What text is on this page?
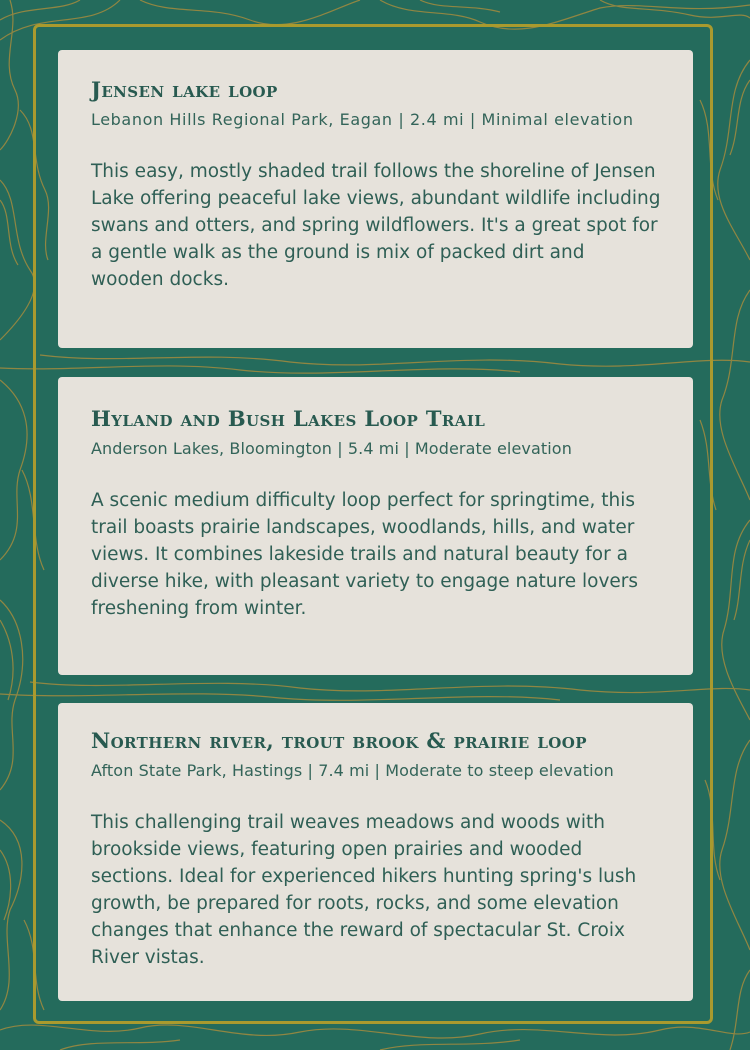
Jensen lake loop

Lebanon Hills Regional Park, Eagan | 2.4 mi | Minimal elevation

This easy, mostly shaded trail follows the shoreline of Jensen Lake offering peaceful lake views, abundant wildlife including swans and otters, and spring wildflowers. It's a great spot for a gentle walk as the ground is mix of packed dirt and wooden docks.

Hyland and Bush Lakes Loop Trail

Anderson Lakes, Bloomington | 5.4 mi | Moderate elevation

A scenic medium difficulty loop perfect for springtime, this trail boasts prairie landscapes, woodlands, hills, and water views. It combines lakeside trails and natural beauty for a diverse hike, with pleasant variety to engage nature lovers freshening from winter.

Northern river, trout brook & prairie loop

Afton State Park, Hastings | 7.4 mi | Moderate to steep elevation

This challenging trail weaves meadows and woods with brookside views, featuring open prairies and wooded sections. Ideal for experienced hikers hunting spring's lush growth, be prepared for roots, rocks, and some elevation changes that enhance the reward of spectacular St. Croix River vistas.
